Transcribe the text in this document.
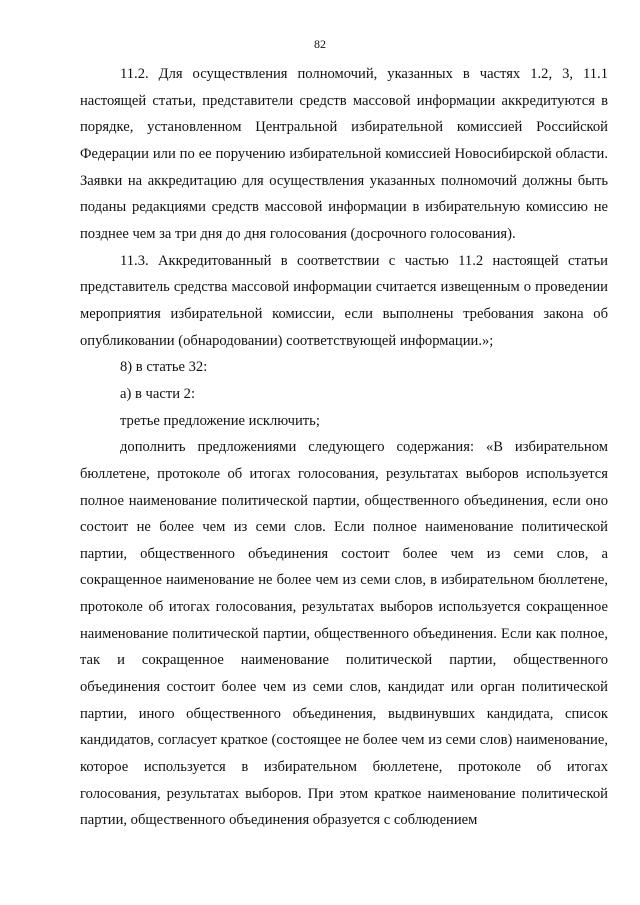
82

11.2. Для осуществления полномочий, указанных в частях 1.2, 3, 11.1 настоящей статьи, представители средств массовой информации аккредитуются в порядке, установленном Центральной избирательной комиссией Российской Федерации или по ее поручению избирательной комиссией Новосибирской области. Заявки на аккредитацию для осуществления указанных полномочий должны быть поданы редакциями средств массовой информации в избирательную комиссию не позднее чем за три дня до дня голосования (досрочного голосования).

11.3. Аккредитованный в соответствии с частью 11.2 настоящей статьи представитель средства массовой информации считается извещенным о проведении мероприятия избирательной комиссии, если выполнены требования закона об опубликовании (обнародовании) соответствующей информации.»;

8) в статье 32:

а) в части 2:

третье предложение исключить;

дополнить предложениями следующего содержания: «В избирательном бюллетене, протоколе об итогах голосования, результатах выборов используется полное наименование политической партии, общественного объединения, если оно состоит не более чем из семи слов. Если полное наименование политической партии, общественного объединения состоит более чем из семи слов, а сокращенное наименование не более чем из семи слов, в избирательном бюллетене, протоколе об итогах голосования, результатах выборов используется сокращенное наименование политической партии, общественного объединения. Если как полное, так и сокращенное наименование политической партии, общественного объединения состоит более чем из семи слов, кандидат или орган политической партии, иного общественного объединения, выдвинувших кандидата, список кандидатов, согласует краткое (состоящее не более чем из семи слов) наименование, которое используется в избирательном бюллетене, протоколе об итогах голосования, результатах выборов. При этом краткое наименование политической партии, общественного объединения образуется с соблюдением
